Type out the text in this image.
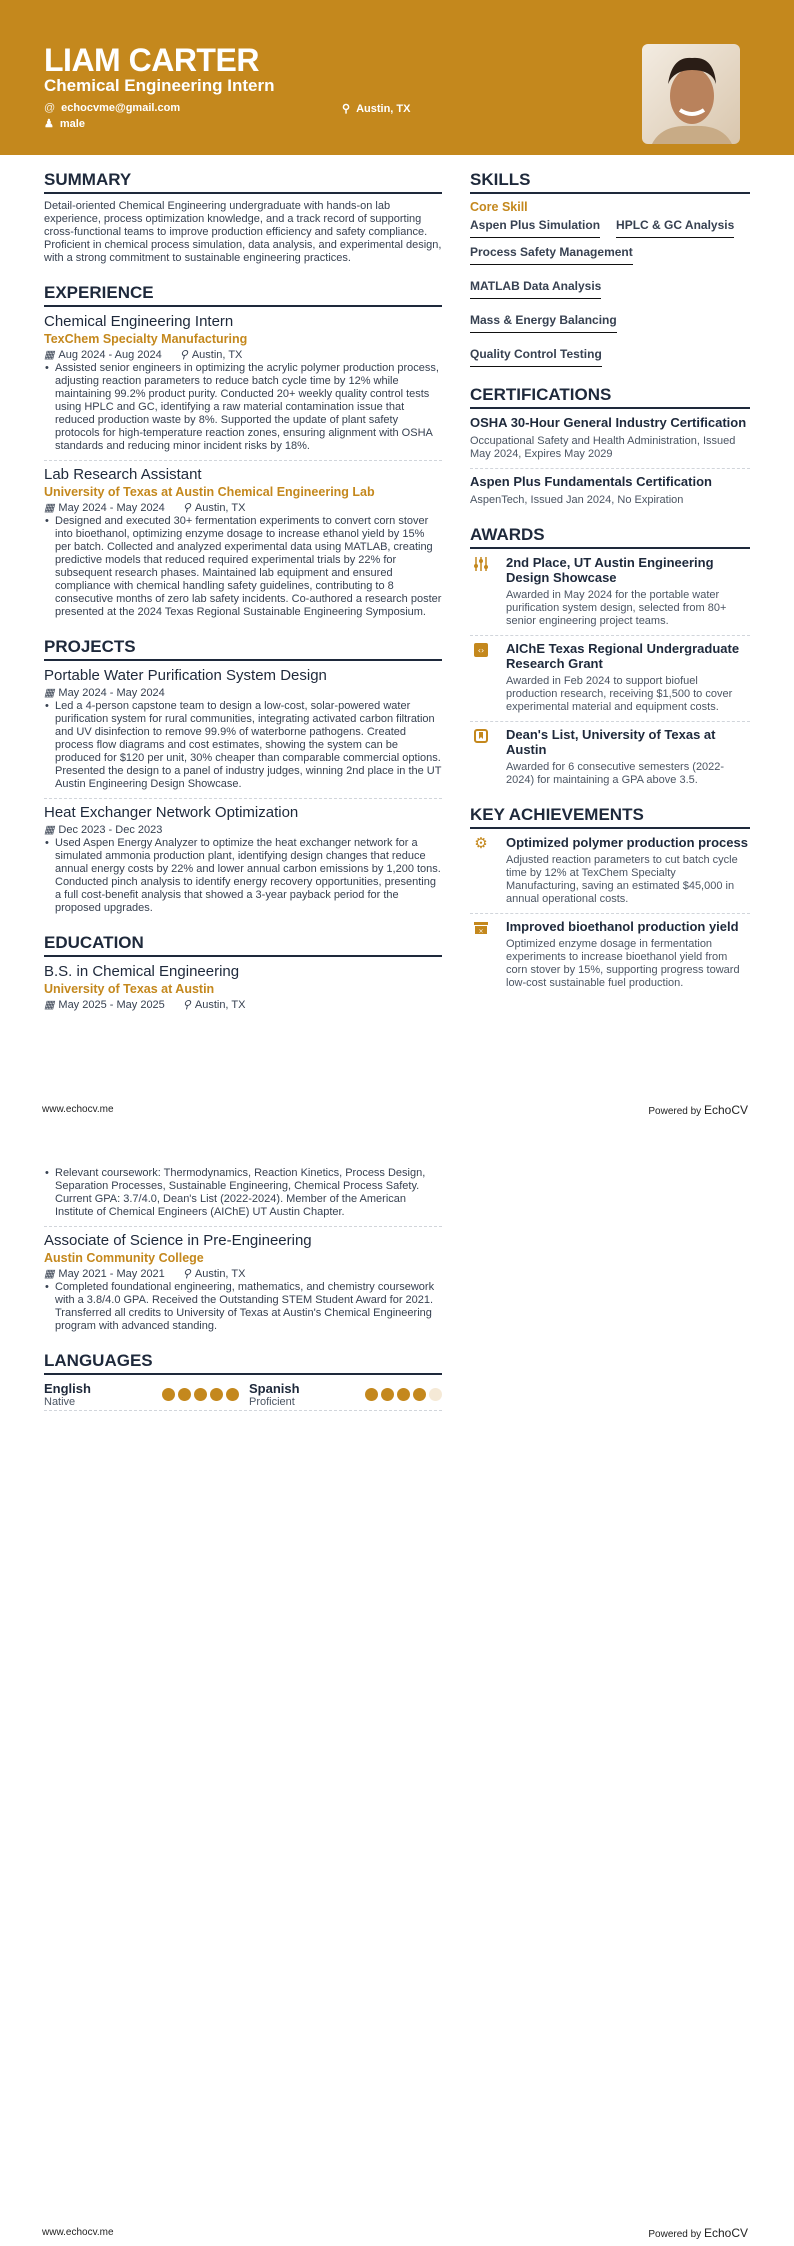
LIAM CARTER
Chemical Engineering Intern
@ echocvme@gmail.com	⚲ Austin, TX
♟ male
SUMMARY
Detail-oriented Chemical Engineering undergraduate with hands-on lab experience, process optimization knowledge, and a track record of supporting cross-functional teams to improve production efficiency and safety compliance. Proficient in chemical process simulation, data analysis, and experimental design, with a strong commitment to sustainable engineering practices.
EXPERIENCE
Chemical Engineering Intern
TexChem Specialty Manufacturing
▦ Aug 2024 - Aug 2024 ⚲ Austin, TX
• Assisted senior engineers in optimizing the acrylic polymer production process, adjusting reaction parameters to reduce batch cycle time by 12% while maintaining 99.2% product purity. Conducted 20+ weekly quality control tests using HPLC and GC, identifying a raw material contamination issue that reduced production waste by 8%. Supported the update of plant safety protocols for high-temperature reaction zones, ensuring alignment with OSHA standards and reducing minor incident risks by 18%.
Lab Research Assistant
University of Texas at Austin Chemical Engineering Lab
▦ May 2024 - May 2024 ⚲ Austin, TX
• Designed and executed 30+ fermentation experiments to convert corn stover into bioethanol, optimizing enzyme dosage to increase ethanol yield by 15% per batch. Collected and analyzed experimental data using MATLAB, creating predictive models that reduced required experimental trials by 22% for subsequent research phases. Maintained lab equipment and ensured compliance with chemical handling safety guidelines, contributing to 8 consecutive months of zero lab safety incidents. Co-authored a research poster presented at the 2024 Texas Regional Sustainable Engineering Symposium.
PROJECTS
Portable Water Purification System Design
▦ May 2024 - May 2024
• Led a 4-person capstone team to design a low-cost, solar-powered water purification system for rural communities, integrating activated carbon filtration and UV disinfection to remove 99.9% of waterborne pathogens. Created process flow diagrams and cost estimates, showing the system can be produced for $120 per unit, 30% cheaper than comparable commercial options. Presented the design to a panel of industry judges, winning 2nd place in the UT Austin Engineering Design Showcase.
Heat Exchanger Network Optimization
▦ Dec 2023 - Dec 2023
• Used Aspen Energy Analyzer to optimize the heat exchanger network for a simulated ammonia production plant, identifying design changes that reduce annual energy costs by 22% and lower annual carbon emissions by 1,200 tons. Conducted pinch analysis to identify energy recovery opportunities, presenting a full cost-benefit analysis that showed a 3-year payback period for the proposed upgrades.
EDUCATION
B.S. in Chemical Engineering
University of Texas at Austin
▦ May 2025 - May 2025 ⚲ Austin, TX
SKILLS
Core Skill
Aspen Plus Simulation HPLC & GC Analysis
Process Safety Management
MATLAB Data Analysis
Mass & Energy Balancing
Quality Control Testing
CERTIFICATIONS
OSHA 30-Hour General Industry Certification
Occupational Safety and Health Administration, Issued May 2024, Expires May 2029
Aspen Plus Fundamentals Certification
AspenTech, Issued Jan 2024, No Expiration
AWARDS
2nd Place, UT Austin Engineering Design Showcase
Awarded in May 2024 for the portable water purification system design, selected from 80+ senior engineering project teams.
‹› AIChE Texas Regional Undergraduate Research Grant
Awarded in Feb 2024 to support biofuel production research, receiving $1,500 to cover experimental material and equipment costs.
Dean's List, University of Texas at Austin
Awarded for 6 consecutive semesters (2022-2024) for maintaining a GPA above 3.5.
KEY ACHIEVEMENTS
⚙	Optimized polymer production process
Adjusted reaction parameters to cut batch cycle time by 12% at TexChem Specialty Manufacturing, saving an estimated $45,000 in annual operational costs.
× Improved bioethanol production yield
Optimized enzyme dosage in fermentation experiments to increase bioethanol yield from corn stover by 15%, supporting progress toward low-cost sustainable fuel production.
www.echocv.me	Powered by EchoCV
• Relevant coursework: Thermodynamics, Reaction Kinetics, Process Design, Separation Processes, Sustainable Engineering, Chemical Process Safety. Current GPA: 3.7/4.0, Dean's List (2022-2024). Member of the American Institute of Chemical Engineers (AIChE) UT Austin Chapter.
Associate of Science in Pre-Engineering
Austin Community College
▦ May 2021 - May 2021 ⚲ Austin, TX
• Completed foundational engineering, mathematics, and chemistry coursework with a 3.8/4.0 GPA. Received the Outstanding STEM Student Award for 2021. Transferred all credits to University of Texas at Austin's Chemical Engineering program with advanced standing.
LANGUAGES
English
Native
Spanish
Proficient
www.echocv.me	Powered by EchoCV
